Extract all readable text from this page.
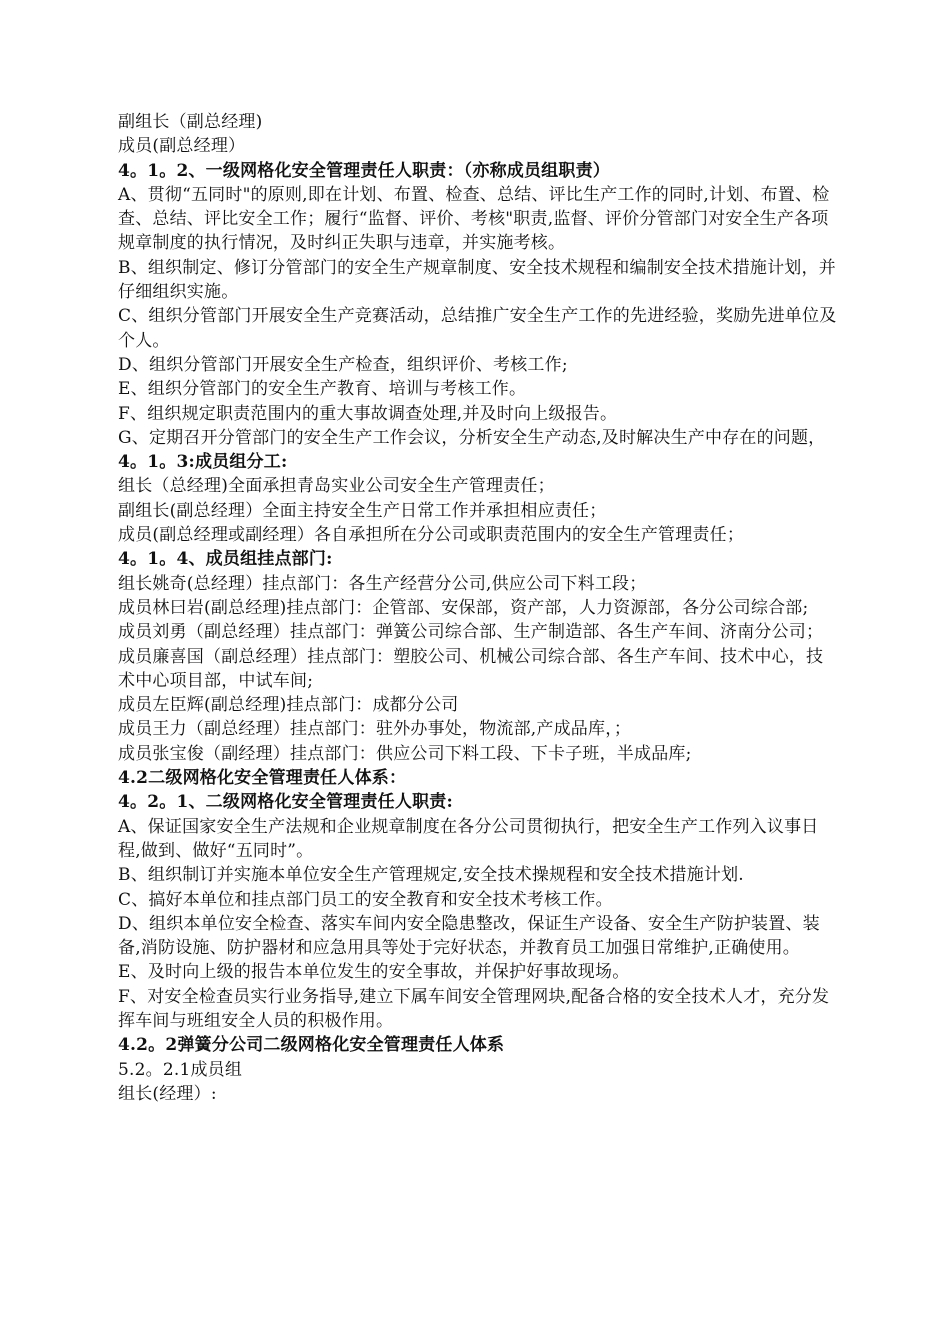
副组长（副总经理)
成员(副总经理）
4。1。2、一级网格化安全管理责任人职责：（亦称成员组职责）
A、贯彻“五同时"的原则,即在计划、布置、检查、总结、评比生产工作的同时,计划、布置、检查、总结、评比安全工作；履行“监督、评价、考核"职责,监督、评价分管部门对安全生产各项规章制度的执行情况，及时纠正失职与违章，并实施考核。
B、组织制定、修订分管部门的安全生产规章制度、安全技术规程和编制安全技术措施计划，并仔细组织实施。
C、组织分管部门开展安全生产竞赛活动，总结推广安全生产工作的先进经验，奖励先进单位及个人。
D、组织分管部门开展安全生产检查，组织评价、考核工作;
E、组织分管部门的安全生产教育、培训与考核工作。
F、组织规定职责范围内的重大事故调查处理,并及时向上级报告。
G、定期召开分管部门的安全生产工作会议，分析安全生产动态,及时解决生产中存在的问题，
4。1。3:成员组分工:
组长（总经理)全面承担青岛实业公司安全生产管理责任；
副组长(副总经理）全面主持安全生产日常工作并承担相应责任；
成员(副总经理或副经理）各自承担所在分公司或职责范围内的安全生产管理责任；
4。1。4、成员组挂点部门:
组长姚奇(总经理）挂点部门：各生产经营分公司,供应公司下料工段；
成员林曰岩(副总经理)挂点部门：企管部、安保部，资产部，人力资源部，各分公司综合部;
成员刘勇（副总经理）挂点部门：弹簧公司综合部、生产制造部、各生产车间、济南分公司；
成员廉喜国（副总经理）挂点部门：塑胶公司、机械公司综合部、各生产车间、技术中心，技术中心项目部，中试车间;
成员左臣辉(副总经理)挂点部门：成都分公司
成员王力（副总经理）挂点部门：驻外办事处，物流部,产成品库，；
成员张宝俊（副经理）挂点部门：供应公司下料工段、下卡子班，半成品库;
4.2二级网格化安全管理责任人体系：
4。2。1、二级网格化安全管理责任人职责:
A、保证国家安全生产法规和企业规章制度在各分公司贯彻执行，把安全生产工作列入议事日程,做到、做好“五同时”。
B、组织制订并实施本单位安全生产管理规定,安全技术操规程和安全技术措施计划.
C、搞好本单位和挂点部门员工的安全教育和安全技术考核工作。
D、组织本单位安全检查、落实车间内安全隐患整改，保证生产设备、安全生产防护装置、装备,消防设施、防护器材和应急用具等处于完好状态，并教育员工加强日常维护,正确使用。
E、及时向上级的报告本单位发生的安全事故，并保护好事故现场。
F、对安全检查员实行业务指导,建立下属车间安全管理网块,配备合格的安全技术人才，充分发挥车间与班组安全人员的积极作用。
4.2。2弹簧分公司二级网格化安全管理责任人体系
5.2。2.1成员组
组长(经理）:
